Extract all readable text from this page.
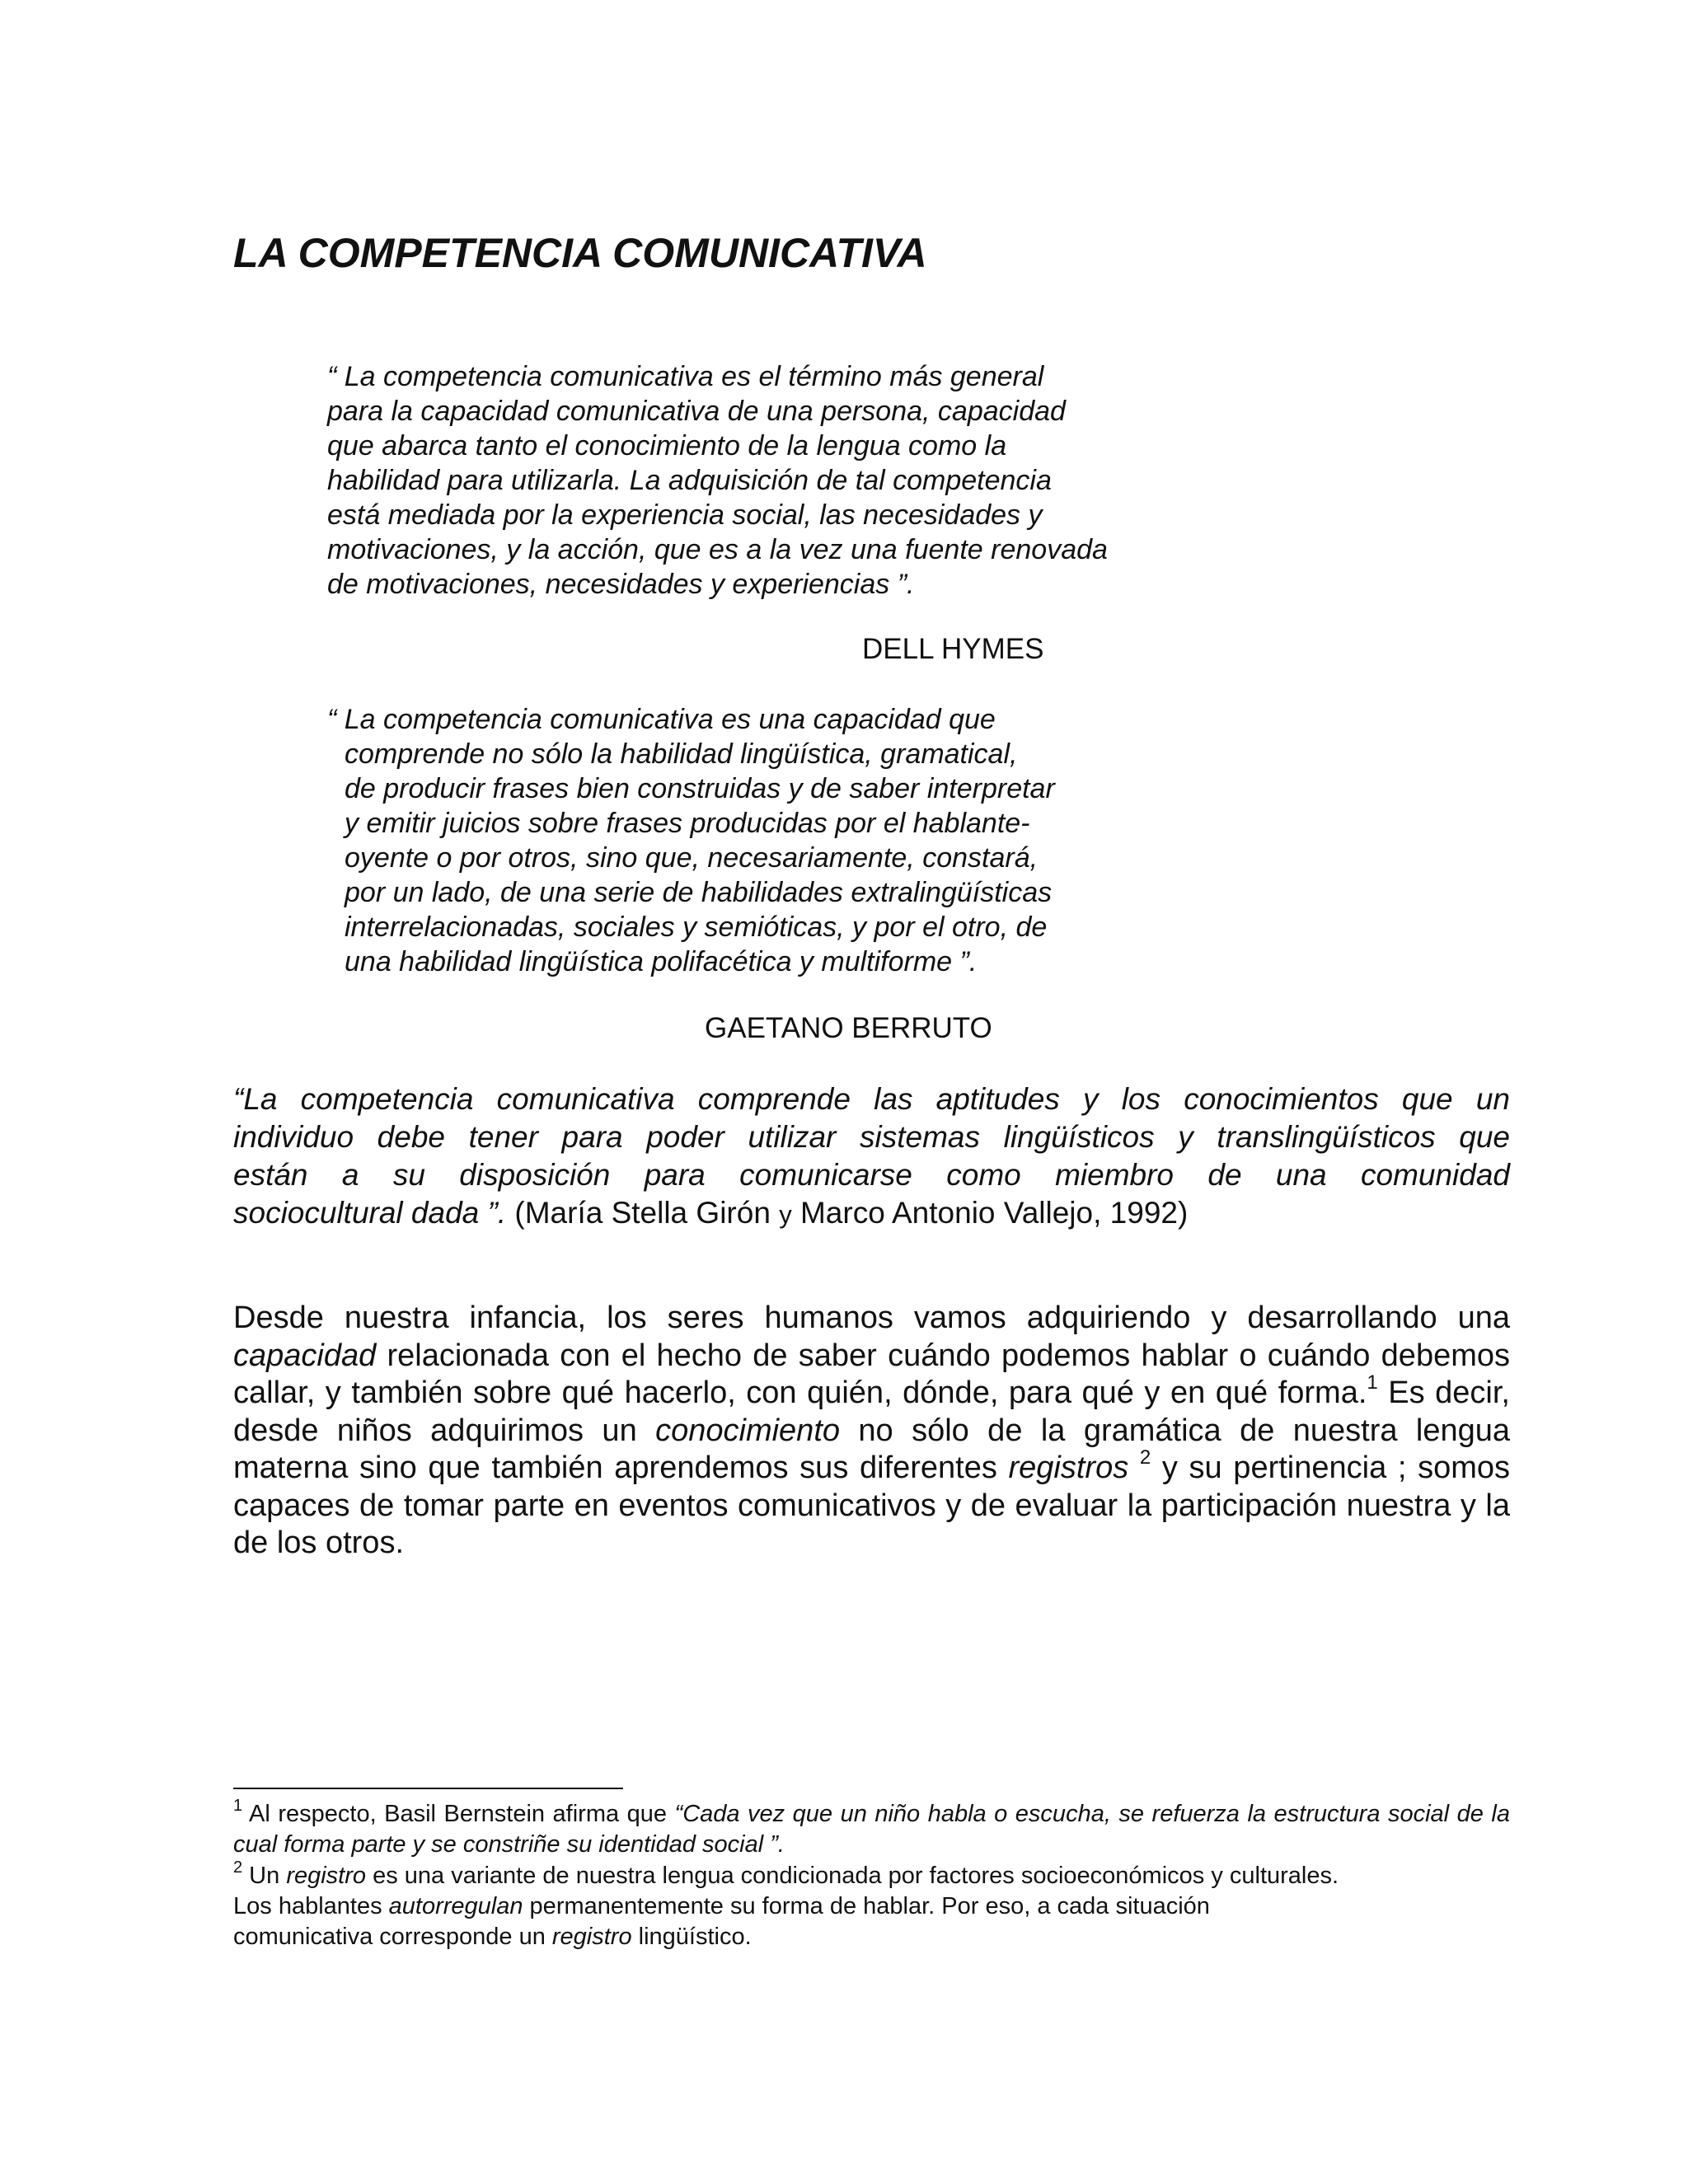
LA COMPETENCIA COMUNICATIVA
“ La competencia comunicativa es el término más general
para la capacidad comunicativa de una persona, capacidad
que abarca tanto el conocimiento de la lengua como la
habilidad para utilizarla. La adquisición de tal competencia
está mediada por la experiencia social, las necesidades y
motivaciones, y la acción, que es a la vez una fuente renovada
de motivaciones, necesidades y experiencias ”.
DELL HYMES
“ La competencia comunicativa es una capacidad que
comprende no sólo la habilidad lingüística, gramatical,
de producir frases bien construidas y de saber interpretar
y emitir juicios sobre frases producidas por el hablante-
oyente o por otros, sino que, necesariamente, constará,
por un lado, de una serie de habilidades extralingüísticas
interrelacionadas, sociales y semióticas, y por el otro, de
una habilidad lingüística polifacética y multiforme ”.
GAETANO BERRUTO
“La competencia comunicativa comprende las aptitudes y los conocimientos que un
individuo debe tener para poder utilizar sistemas lingüísticos y translingüísticos que
están a su disposición para comunicarse como miembro de una comunidad
sociocultural dada ”. (María Stella Girón y Marco Antonio Vallejo, 1992)
Desde nuestra infancia, los seres humanos vamos adquiriendo y desarrollando una capacidad relacionada con el hecho de saber cuándo podemos hablar o cuándo debemos callar, y también sobre qué hacerlo, con quién, dónde, para qué y en qué forma.$^1$ Es decir, desde niños adquirimos un conocimiento no sólo de la gramática de nuestra lengua materna sino que también aprendemos sus diferentes registros $^2$ y su pertinencia ; somos capaces de tomar parte en eventos comunicativos y de evaluar la participación nuestra y la de los otros.
$^1$ Al respecto, Basil Bernstein afirma que “Cada vez que un niño habla o escucha, se refuerza la estructura social de la cual forma parte y se constriñe su identidad social ”.
$^2$ Un registro es una variante de nuestra lengua condicionada por factores socioeconómicos y culturales.
Los hablantes autorregulan permanentemente su forma de hablar. Por eso, a cada situación
comunicativa corresponde un registro lingüístico.
